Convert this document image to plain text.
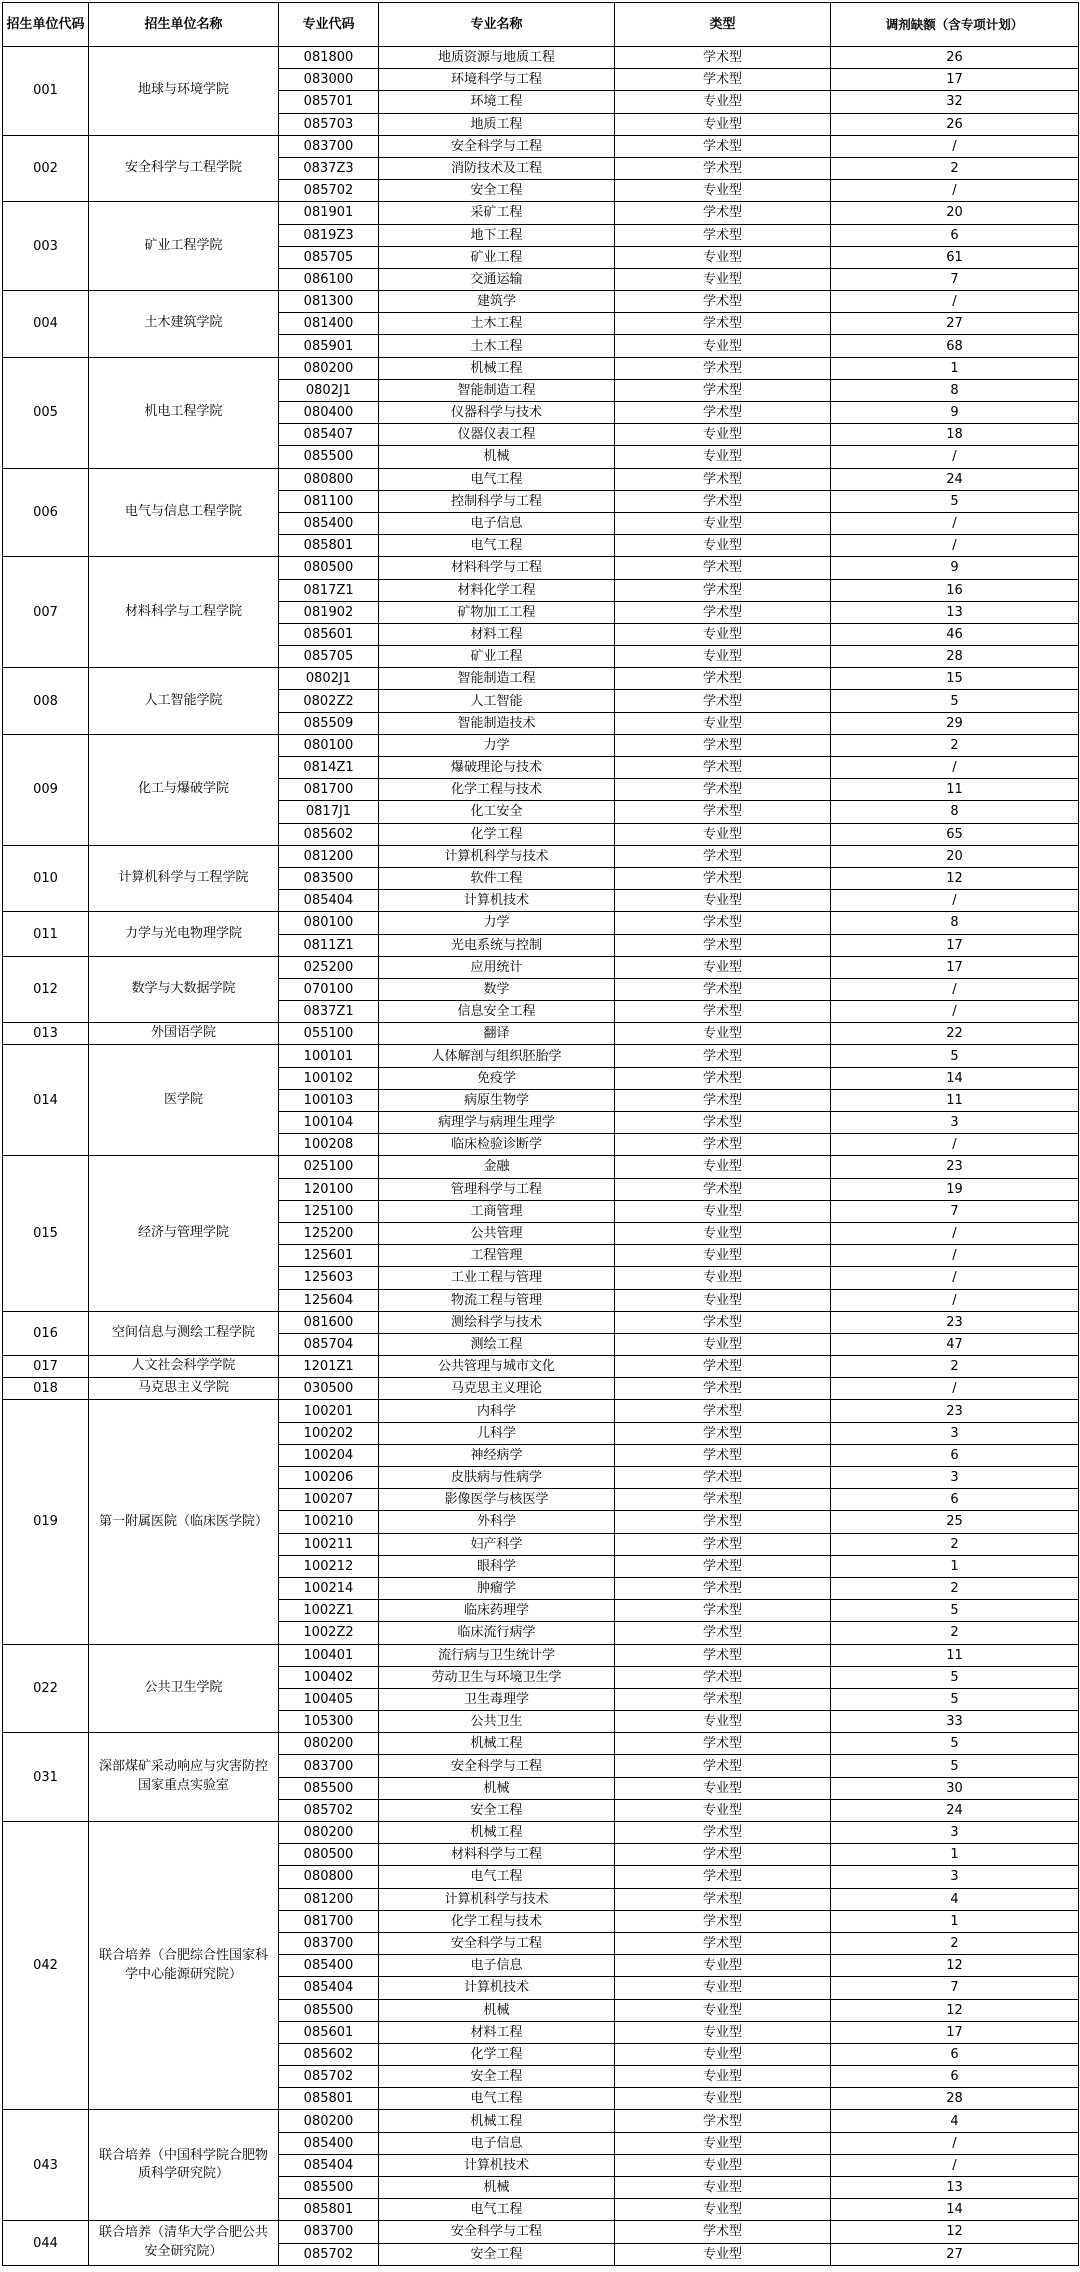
招生单位代码	招生单位名称	专业代码	专业名称	类型	调剂缺额（含专项计划）
001	地球与环境学院	081800	地质资源与地质工程	学术型	26
		083000	环境科学与工程	学术型	17
		085701	环境工程	专业型	32
		085703	地质工程	专业型	26
002	安全科学与工程学院	083700	安全科学与工程	学术型	/
		0837Z3	消防技术及工程	学术型	2
		085702	安全工程	专业型	/
003	矿业工程学院	081901	采矿工程	学术型	20
		0819Z3	地下工程	学术型	6
		085705	矿业工程	专业型	61
		086100	交通运输	专业型	7
004	土木建筑学院	081300	建筑学	学术型	/
		081400	土木工程	学术型	27
		085901	土木工程	专业型	68
005	机电工程学院	080200	机械工程	学术型	1
		0802J1	智能制造工程	学术型	8
		080400	仪器科学与技术	学术型	9
		085407	仪器仪表工程	专业型	18
		085500	机械	专业型	/
006	电气与信息工程学院	080800	电气工程	学术型	24
		081100	控制科学与工程	学术型	5
		085400	电子信息	专业型	/
		085801	电气工程	专业型	/
007	材料科学与工程学院	080500	材料科学与工程	学术型	9
		0817Z1	材料化学工程	学术型	16
		081902	矿物加工工程	学术型	13
		085601	材料工程	专业型	46
		085705	矿业工程	专业型	28
008	人工智能学院	0802J1	智能制造工程	学术型	15
		0802Z2	人工智能	学术型	5
		085509	智能制造技术	专业型	29
009	化工与爆破学院	080100	力学	学术型	2
		0814Z1	爆破理论与技术	学术型	/
		081700	化学工程与技术	学术型	11
		0817J1	化工安全	学术型	8
		085602	化学工程	专业型	65
010	计算机科学与工程学院	081200	计算机科学与技术	学术型	20
		083500	软件工程	学术型	12
		085404	计算机技术	专业型	/
011	力学与光电物理学院	080100	力学	学术型	8
		0811Z1	光电系统与控制	学术型	17
012	数学与大数据学院	025200	应用统计	专业型	17
		070100	数学	学术型	/
		0837Z1	信息安全工程	学术型	/
013	外国语学院	055100	翻译	专业型	22
014	医学院	100101	人体解剖与组织胚胎学	学术型	5
		100102	免疫学	学术型	14
		100103	病原生物学	学术型	11
		100104	病理学与病理生理学	学术型	3
		100208	临床检验诊断学	学术型	/
015	经济与管理学院	025100	金融	专业型	23
		120100	管理科学与工程	学术型	19
		125100	工商管理	专业型	7
		125200	公共管理	专业型	/
		125601	工程管理	专业型	/
		125603	工业工程与管理	专业型	/
		125604	物流工程与管理	专业型	/
016	空间信息与测绘工程学院	081600	测绘科学与技术	学术型	23
		085704	测绘工程	专业型	47
017	人文社会科学学院	1201Z1	公共管理与城市文化	学术型	2
018	马克思主义学院	030500	马克思主义理论	学术型	/
019	第一附属医院（临床医学院）	100201	内科学	学术型	23
		100202	儿科学	学术型	3
		100204	神经病学	学术型	6
		100206	皮肤病与性病学	学术型	3
		100207	影像医学与核医学	学术型	6
		100210	外科学	学术型	25
		100211	妇产科学	学术型	2
		100212	眼科学	学术型	1
		100214	肿瘤学	学术型	2
		1002Z1	临床药理学	学术型	5
		1002Z2	临床流行病学	学术型	2
022	公共卫生学院	100401	流行病与卫生统计学	学术型	11
		100402	劳动卫生与环境卫生学	学术型	5
		100405	卫生毒理学	学术型	5
		105300	公共卫生	专业型	33
031	深部煤矿采动响应与灾害防控国家重点实验室	080200	机械工程	学术型	5
		083700	安全科学与工程	学术型	5
		085500	机械	专业型	30
		085702	安全工程	专业型	24
042	联合培养（合肥综合性国家科学中心能源研究院）	080200	机械工程	学术型	3
		080500	材料科学与工程	学术型	1
		080800	电气工程	学术型	3
		081200	计算机科学与技术	学术型	4
		081700	化学工程与技术	学术型	1
		083700	安全科学与工程	学术型	2
		085400	电子信息	专业型	12
		085404	计算机技术	专业型	7
		085500	机械	专业型	12
		085601	材料工程	专业型	17
		085602	化学工程	专业型	6
		085702	安全工程	专业型	6
		085801	电气工程	专业型	28
043	联合培养（中国科学院合肥物质科学研究院）	080200	机械工程	学术型	4
		085400	电子信息	专业型	/
		085404	计算机技术	专业型	/
		085500	机械	专业型	13
		085801	电气工程	专业型	14
044	联合培养（清华大学合肥公共安全研究院）	083700	安全科学与工程	学术型	12
		085702	安全工程	专业型	27
